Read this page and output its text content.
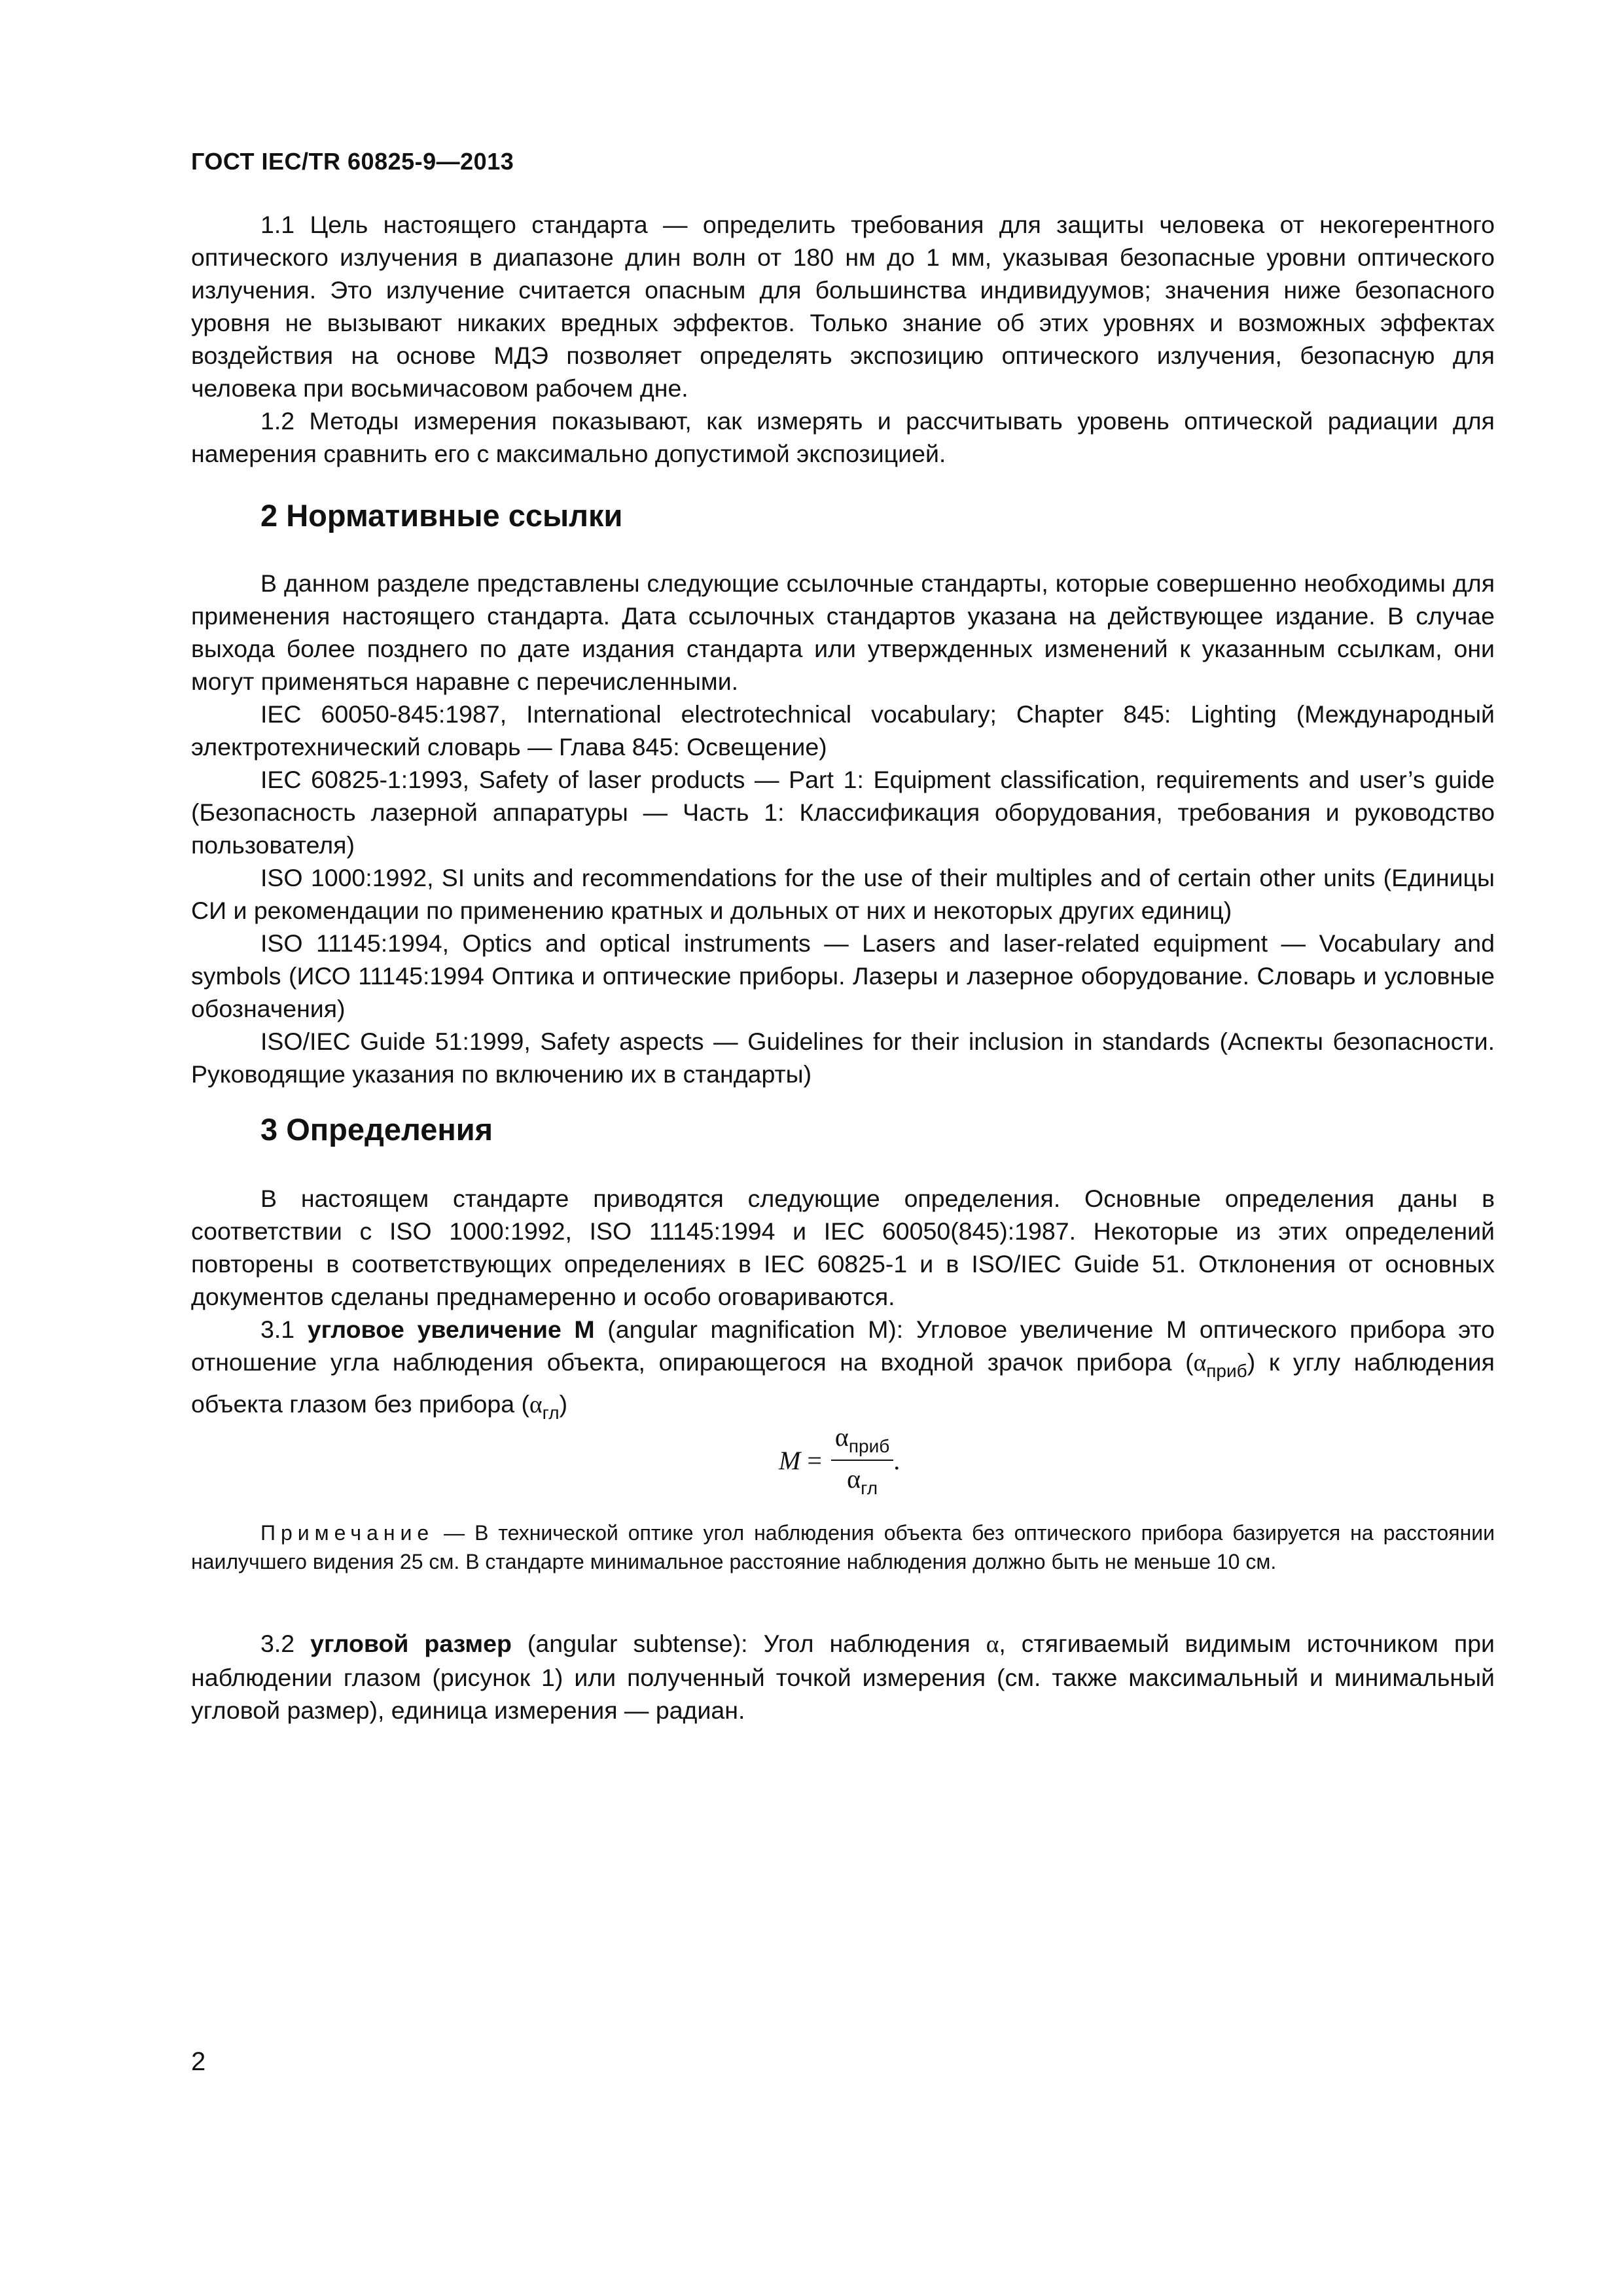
ГОСТ IEC/TR 60825-9—2013

1.1 Цель настоящего стандарта — определить требования для защиты человека от некогерентного оптического излучения в диапазоне длин волн от 180 нм до 1 мм, указывая безопасные уровни оптического излучения. Это излучение считается опасным для большинства индивидуумов; значения ниже безопасного уровня не вызывают никаких вредных эффектов. Только знание об этих уровнях и возможных эффектах воздействия на основе МДЭ позволяет определять экспозицию оптического излучения, безопасную для человека при восьмичасовом рабочем дне.

1.2 Методы измерения показывают, как измерять и рассчитывать уровень оптической радиации для намерения сравнить его с максимально допустимой экспозицией.

2 Нормативные ссылки

В данном разделе представлены следующие ссылочные стандарты, которые совершенно необходимы для применения настоящего стандарта. Дата ссылочных стандартов указана на действующее издание. В случае выхода более позднего по дате издания стандарта или утвержденных изменений к указанным ссылкам, они могут применяться наравне с перечисленными.

IEC 60050-845:1987, International electrotechnical vocabulary; Chapter 845: Lighting (Международный электротехнический словарь — Глава 845: Освещение)

IEC 60825-1:1993, Safety of laser products — Part 1: Equipment classification, requirements and user’s guide (Безопасность лазерной аппаратуры — Часть 1: Классификация оборудования, требования и руководство пользователя)

ISO 1000:1992, SI units and recommendations for the use of their multiples and of certain other units (Единицы СИ и рекомендации по применению кратных и дольных от них и некоторых других единиц)

ISO 11145:1994, Optics and optical instruments — Lasers and laser-related equipment — Vocabulary and symbols (ИСО 11145:1994 Оптика и оптические приборы. Лазеры и лазерное оборудование. Словарь и условные обозначения)

ISO/IEC Guide 51:1999, Safety aspects — Guidelines for their inclusion in standards (Аспекты безопасности. Руководящие указания по включению их в стандарты)

3 Определения

В настоящем стандарте приводятся следующие определения. Основные определения даны в соответствии с ISO 1000:1992, ISO 11145:1994 и IEC 60050(845):1987. Некоторые из этих определений повторены в соответствующих определениях в IEC 60825-1 и в ISO/IEC Guide 51. Отклонения от основных документов сделаны преднамеренно и особо оговариваются.

3.1 угловое увеличение M (angular magnification M): Угловое увеличение M оптического прибора это отношение угла наблюдения объекта, опирающегося на входной зрачок прибора $(\alpha_{приб})$ к углу наблюдения объекта глазом без прибора $(\alpha_{гл})$

$M = \frac{\alpha_{приб}}{\alpha_{гл}}$ .

Примечание — В технической оптике угол наблюдения объекта без оптического прибора базируется на расстоянии наилучшего видения 25 см. В стандарте минимальное расстояние наблюдения должно быть не меньше 10 см.

3.2 угловой размер (angular subtense): Угол наблюдения α, стягиваемый видимым источником при наблюдении глазом (рисунок 1) или полученный точкой измерения (см. также максимальный и минимальный угловой размер), единица измерения — радиан.

2
